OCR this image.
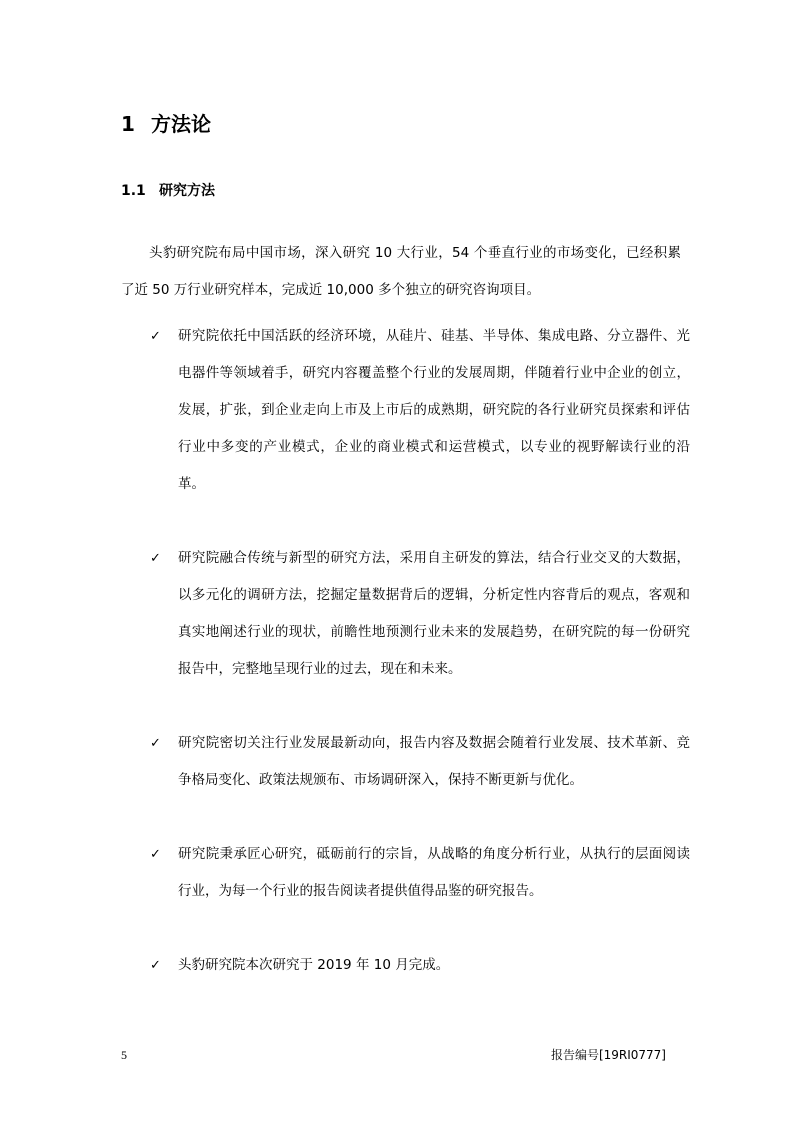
1 方法论
1.1 研究方法

头豹研究院布局中国市场，深入研究 10 大行业，54 个垂直行业的市场变化，已经积累了近 50 万行业研究样本，完成近 10,000 多个独立的研究咨询项目。

✓ 研究院依托中国活跃的经济环境，从硅片、硅基、半导体、集成电路、分立器件、光电器件等领域着手，研究内容覆盖整个行业的发展周期，伴随着行业中企业的创立，发展，扩张，到企业走向上市及上市后的成熟期，研究院的各行业研究员探索和评估行业中多变的产业模式，企业的商业模式和运营模式，以专业的视野解读行业的沿革。
✓ 研究院融合传统与新型的研究方法，采用自主研发的算法，结合行业交叉的大数据，以多元化的调研方法，挖掘定量数据背后的逻辑，分析定性内容背后的观点，客观和真实地阐述行业的现状，前瞻性地预测行业未来的发展趋势，在研究院的每一份研究报告中，完整地呈现行业的过去，现在和未来。
✓ 研究院密切关注行业发展最新动向，报告内容及数据会随着行业发展、技术革新、竞争格局变化、政策法规颁布、市场调研深入，保持不断更新与优化。
✓ 研究院秉承匠心研究，砥砺前行的宗旨，从战略的角度分析行业，从执行的层面阅读行业，为每一个行业的报告阅读者提供值得品鉴的研究报告。
✓ 头豹研究院本次研究于 2019 年 10 月完成。
5	报告编号[19RI0777]
